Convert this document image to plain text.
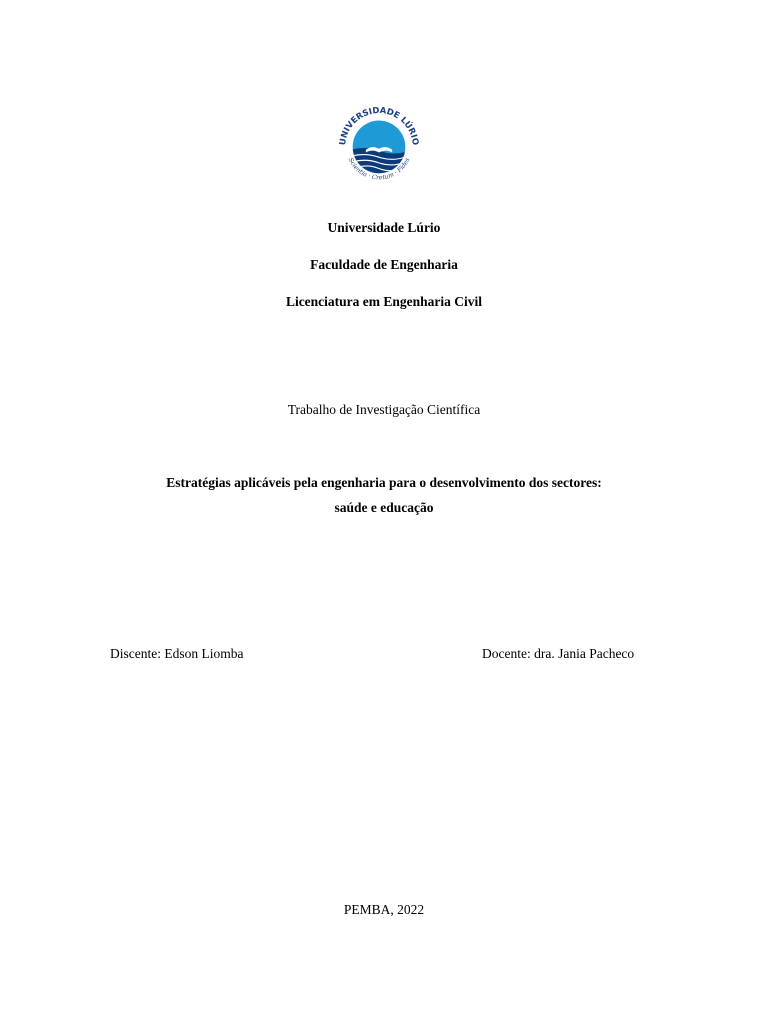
UNIVERSIDADE LÚRIO
Scientia · Cretum · Fides
Universidade Lúrio
Faculdade de Engenharia
Licenciatura em Engenharia Civil
Trabalho de Investigação Científica
Estratégias aplicáveis pela engenharia para o desenvolvimento dos sectores:
saúde e educação
Discente: Edson Liomba	Docente: dra. Jania Pacheco
PEMBA, 2022
